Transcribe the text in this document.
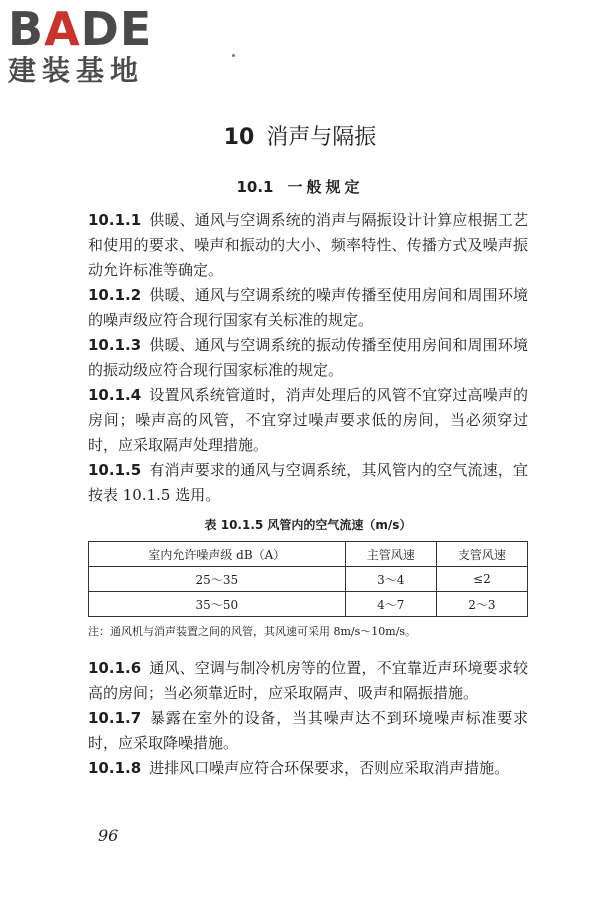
BADE
建装基地
10 消声与隔振
10.1 一般规定

10.1.1 供暖、通风与空调系统的消声与隔振设计计算应根据工艺和使用的要求、噪声和振动的大小、频率特性、传播方式及噪声振动允许标准等确定。

10.1.2 供暖、通风与空调系统的噪声传播至使用房间和周围环境的噪声级应符合现行国家有关标准的规定。

10.1.3 供暖、通风与空调系统的振动传播至使用房间和周围环境的振动级应符合现行国家标准的规定。

10.1.4 设置风系统管道时，消声处理后的风管不宜穿过高噪声的房间；噪声高的风管，不宜穿过噪声要求低的房间，当必须穿过时，应采取隔声处理措施。

10.1.5 有消声要求的通风与空调系统，其风管内的空气流速，宜按表 10.1.5 选用。

表 10.1.5 风管内的空气流速（m/s）
室内允许噪声级 dB（A）	主管风速	支管风速
25～35	3～4	≤2
35～50	4～7	2～3

注：通风机与消声装置之间的风管，其风速可采用 8m/s～10m/s。

10.1.6 通风、空调与制冷机房等的位置，不宜靠近声环境要求较高的房间；当必须靠近时，应采取隔声、吸声和隔振措施。

10.1.7 暴露在室外的设备，当其噪声达不到环境噪声标准要求时，应采取降噪措施。

10.1.8 进排风口噪声应符合环保要求，否则应采取消声措施。

96
